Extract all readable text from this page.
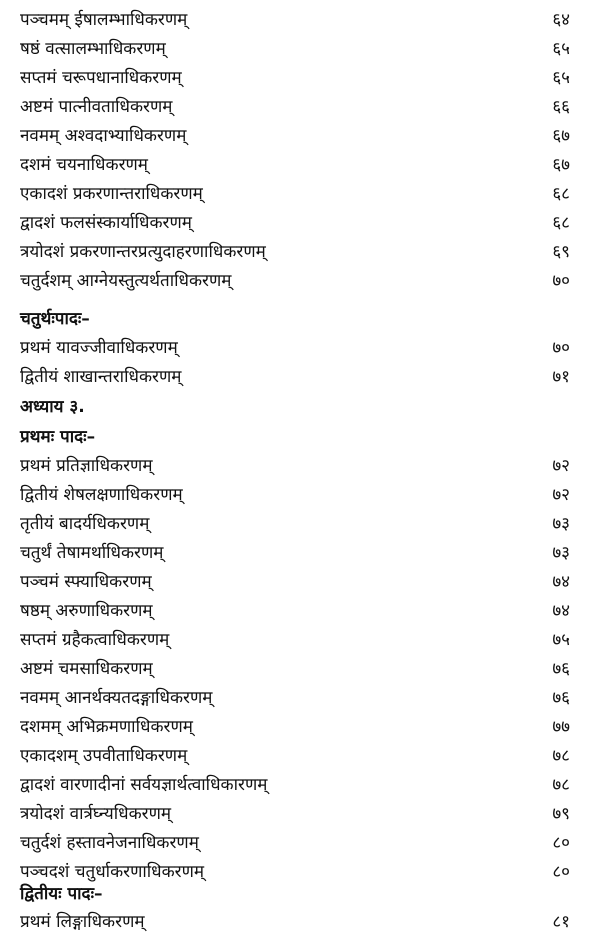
पञ्चमम् ईषालम्भाधिकरणम्	६४
षष्ठं वत्सालम्भाधिकरणम्	६५
सप्तमं चरूपधानाधिकरणम्	६५
अष्टमं पात्नीवताधिकरणम्	६६
नवमम् अश्वदाभ्याधिकरणम्	६७
दशमं चयनाधिकरणम्	६७
एकादशं प्रकरणान्तराधिकरणम्	६८
द्वादशं फलसंस्कार्याधिकरणम्	६८
त्रयोदशं प्रकरणान्तरप्रत्युदाहरणाधिकरणम्	६९
चतुर्दशम् आग्नेयस्तुत्यर्थताधिकरणम्	७०
चतुर्थःपादः–
प्रथमं यावज्जीवाधिकरणम्	७०
द्वितीयं शाखान्तराधिकरणम्	७१
अध्याय ३.
प्रथमः पादः–
प्रथमं प्रतिज्ञाधिकरणम्	७२
द्वितीयं शेषलक्षणाधिकरणम्	७२
तृतीयं बादर्यधिकरणम्	७३
चतुर्थं तेषामर्थाधिकरणम्	७३
पञ्चमं स्फ्याधिकरणम्	७४
षष्ठम् अरुणाधिकरणम्	७४
सप्तमं ग्रहैकत्वाधिकरणम्	७५
अष्टमं चमसाधिकरणम्	७६
नवमम् आनर्थक्यतदङ्गाधिकरणम्	७६
दशमम् अभिक्रमणाधिकरणम्	७७
एकादशम् उपवीताधिकरणम्	७८
द्वादशं वारणादीनां सर्वयज्ञार्थत्वाधिकारणम्	७८
त्रयोदशं वार्त्रघ्न्यधिकरणम्	७९
चतुर्दशं हस्तावनेजनाधिकरणम्	८०
पञ्चदशं चतुर्धाकरणाधिकरणम्	८०
द्वितीयः पादः–
प्रथमं लिङ्गाधिकरणम्	८१
